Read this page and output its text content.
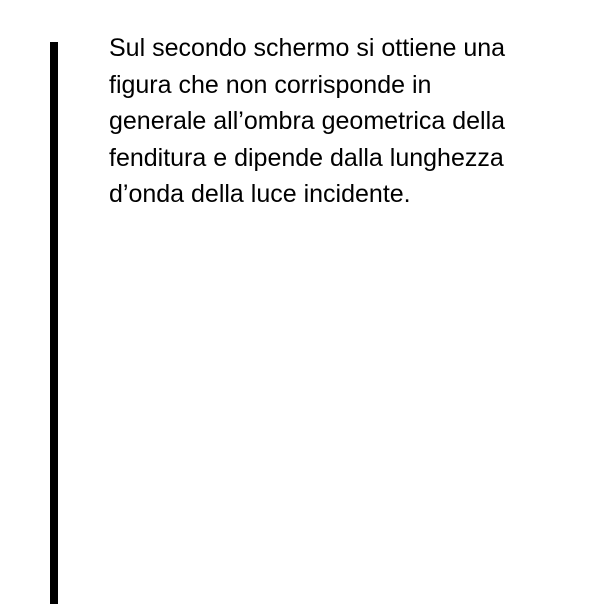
Sul secondo schermo si ottiene una
figura che non corrisponde in
generale all’ombra geometrica della
fenditura e dipende dalla lunghezza
d’onda della luce incidente.
